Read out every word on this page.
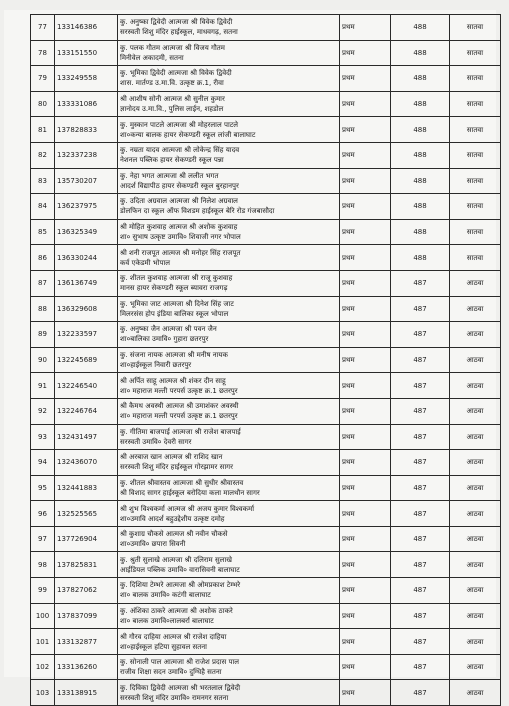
77	133146386	कु. अनुष्का द्विवेदी आत्मजा श्री विवेक द्विवेदी
सरस्वती शिशु मंदिर हाईस्कूल, माधवगढ़, सतना	प्रथम	488	सातवा
78	133151550	कु. पलक गौतम आत्मजा श्री विजय गौतम
मिनीवेल अकादमी, सतना	प्रथम	488	सातवा
79	133249558	कु. भूमिका द्विवेदी आत्मजा श्री विवेक द्विवेदी
शास. मार्तण्ड उ.मा.वि. उत्कृष्ट क्र.1, रीवा	प्रथम	488	सातवा
80	133331086	श्री आशीष सोनी आत्मज श्री सुनील कुमार
ज्ञानोदय उ.मा.वि., पुलिस लाईन, शहडोल	प्रथम	488	सातवा
81	137828833	कु. मुस्कान पाटले आत्मजा श्री मोहरलाल पाटले
शा०कन्या बालक हायर सेकण्डरी स्कूल लांजी बालाघाट	प्रथम	488	सातवा
82	132337238	कु. नम्रता यादव आत्मजा श्री लोकेन्द्र सिंह यादव
नेशनल पब्लिक हायर सेकण्डरी स्कूल पन्ना	प्रथम	488	सातवा
83	135730207	कु. नेहा भगत आत्मजा श्री ललीत भगत
आदर्श विद्यापीठ हायर सेकण्डरी स्कूल बुरहानपुर	प्रथम	488	सातवा
84	136237975	कु. उदिता अग्रवाल आत्मजा श्री निलेश अग्रवाल
डोलफिन दा स्कूल ऑफ विशडम हाईस्कूल बेरि रोड गंजबासौदा	प्रथम	488	सातवा
85	136325349	श्री मोहित कुशवाह आत्मज श्री अशोक कुशवाह
शा० सुभाष उत्कृष्ट उमावि० शिवाजी नगर भोपाल	प्रथम	488	सातवा
86	136330244	श्री शनी राजपूत आत्मज श्री मनोहर सिंह राजपूत
कर्व एकेडमी भोपाल	प्रथम	488	सातवा
87	136136749	कु. शीतल कुशवाह आत्मजा श्री राजू कुशवाह
मानस हायर सेकण्डरी स्कूल ब्यावरा राजगढ़	प्रथम	487	आठवा
88	136329608	कु. भूमिका जाट आत्मजा श्री दिनेश सिंह जाट
मिलरसंस होप इंडिया बालिका स्कूल भोपाल	प्रथम	487	आठवा
89	132233597	कु. अनुष्का जैन आत्मजा श्री पवन जैन
शा०बालिका उमावि० गुहारा छतरपुर	प्रथम	487	आठवा
90	132245689	कु. संजना नायक आत्मजा श्री मनीष नायक
शा०हाईस्कूल निवारी छतरपुर	प्रथम	487	आठवा
91	132246540	श्री अर्पित साहू आत्मज श्री शंकर दीन साहू
शा० महाराज मल्ती परपर्स उत्कृष्ट क्र.1 छतरपुर	प्रथम	487	आठवा
92	132246764	श्री कैमथ अवस्थी आत्मज श्री उमाशंकर अवस्थी
शा० महाराज मल्ती परपर्स उत्कृष्ट क्र.1 छतरपुर	प्रथम	487	आठवा
93	132431497	कु. गीतिमा बाजपाई आत्मजा श्री राजेश बाजपाई
सरस्वती उमावि० देवरी सागर	प्रथम	487	आठवा
94	132436070	श्री अरबाज खान आत्मज श्री राशिद खान
सरस्वती शिशु मंदिर हाईस्कूल गोरझामर सागर	प्रथम	487	आठवा
95	132441883	कु. शीतल श्रीवास्तव आत्मजा श्री सुधीर श्रीवास्तव
श्री विशाद सागर हाईस्कूल बरोदिया कला मालथौन सागर	प्रथम	487	आठवा
96	132525565	श्री शुभ विश्वकर्मा आत्मज श्री अजय कुमार विश्वकर्मा
शा०उमावि आदर्श बहुउद्देशीय उत्कृष्ट दमोह	प्रथम	487	आठवा
97	137726904	श्री कुशाग्र चौकसे आत्मज श्री नवीन चौकसे
शा०उमावि० छपारा सिवनी	प्रथम	487	आठवा
98	137825831	कु. श्रुती सुलाखे आत्मजा श्री दलिराम सुलाखे
आईडियल पब्लिक उमावि० वारासिवनी बालाघाट	प्रथम	487	आठवा
99	137827062	कु. दिशिया टेम्भरे आत्मजा श्री ओमप्रकाश टेम्भरे
शा० बालक उमावि० कटंगी बालाघाट	प्रथम	487	आठवा
100	137837099	कु. अंशिका ठाकरे आत्मजा श्री अशोक ठाकरे
शा० बालक उमावि०लालबर्रा बालाघाट	प्रथम	487	आठवा
101	133132877	श्री गौरव दाहिया आत्मज श्री राजेश दाहिया
शा०हाईस्कूल हटिया सुहावल सतना	प्रथम	487	आठवा
102	133136260	कु. सोनाली पाल आत्मजा श्री राजेश प्रदास पाल
राजीव शिक्षा सदन उमावि० दुग्धिहै सतना	प्रथम	487	आठवा
103	133138915	कु. दिविका द्विवेदी आत्मजा श्री भरतलाल द्विवेदी
सरस्वती शिशु मंदिर उमावि० रामनगर सतना	प्रथम	487	आठवा
